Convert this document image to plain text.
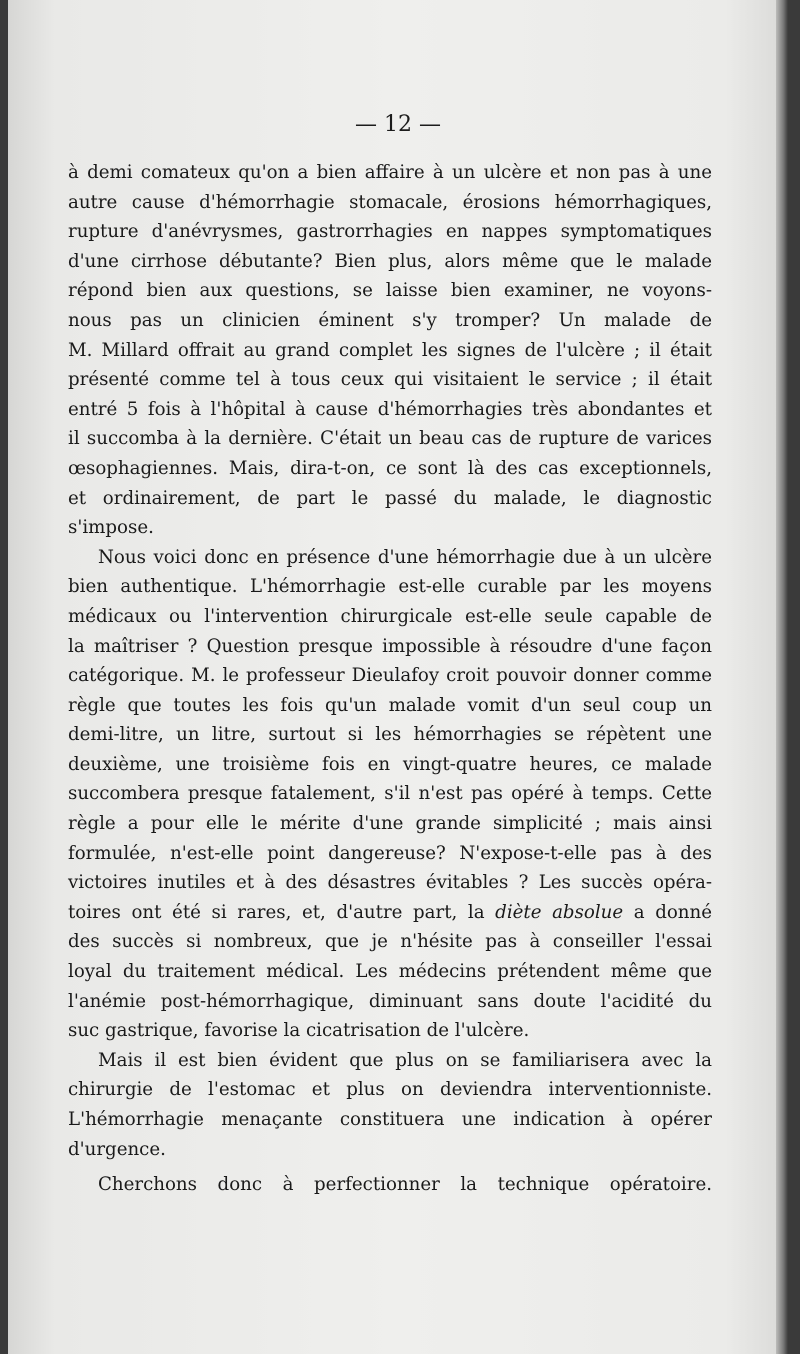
— 12 —
à demi comateux qu'on a bien affaire à un ulcère et non pas à une
autre cause d'hémorrhagie stomacale, érosions hémorrhagiques,
rupture d'anévrysmes, gastrorrhagies en nappes symptomatiques
d'une cirrhose débutante? Bien plus, alors même que le malade
répond bien aux questions, se laisse bien examiner, ne voyons-
nous pas un clinicien éminent s'y tromper? Un malade de
M. Millard offrait au grand complet les signes de l'ulcère ; il était
présenté comme tel à tous ceux qui visitaient le service ; il était
entré 5 fois à l'hôpital à cause d'hémorrhagies très abondantes et
il succomba à la dernière. C'était un beau cas de rupture de varices
œsophagiennes. Mais, dira-t-on, ce sont là des cas exceptionnels,
et ordinairement, de part le passé du malade, le diagnostic
s'impose.
Nous voici donc en présence d'une hémorrhagie due à un ulcère
bien authentique. L'hémorrhagie est-elle curable par les moyens
médicaux ou l'intervention chirurgicale est-elle seule capable de
la maîtriser ? Question presque impossible à résoudre d'une façon
catégorique. M. le professeur Dieulafoy croit pouvoir donner comme
règle que toutes les fois qu'un malade vomit d'un seul coup un
demi-litre, un litre, surtout si les hémorrhagies se répètent une
deuxième, une troisième fois en vingt-quatre heures, ce malade
succombera presque fatalement, s'il n'est pas opéré à temps. Cette
règle a pour elle le mérite d'une grande simplicité ; mais ainsi
formulée, n'est-elle point dangereuse? N'expose-t-elle pas à des
victoires inutiles et à des désastres évitables ? Les succès opéra-
toires ont été si rares, et, d'autre part, la diète absolue a donné
des succès si nombreux, que je n'hésite pas à conseiller l'essai
loyal du traitement médical. Les médecins prétendent même que
l'anémie post-hémorrhagique, diminuant sans doute l'acidité du
suc gastrique, favorise la cicatrisation de l'ulcère.
Mais il est bien évident que plus on se familiarisera avec la
chirurgie de l'estomac et plus on deviendra interventionniste.
L'hémorrhagie menaçante constituera une indication à opérer
d'urgence.
Cherchons donc à perfectionner la technique opératoire.
